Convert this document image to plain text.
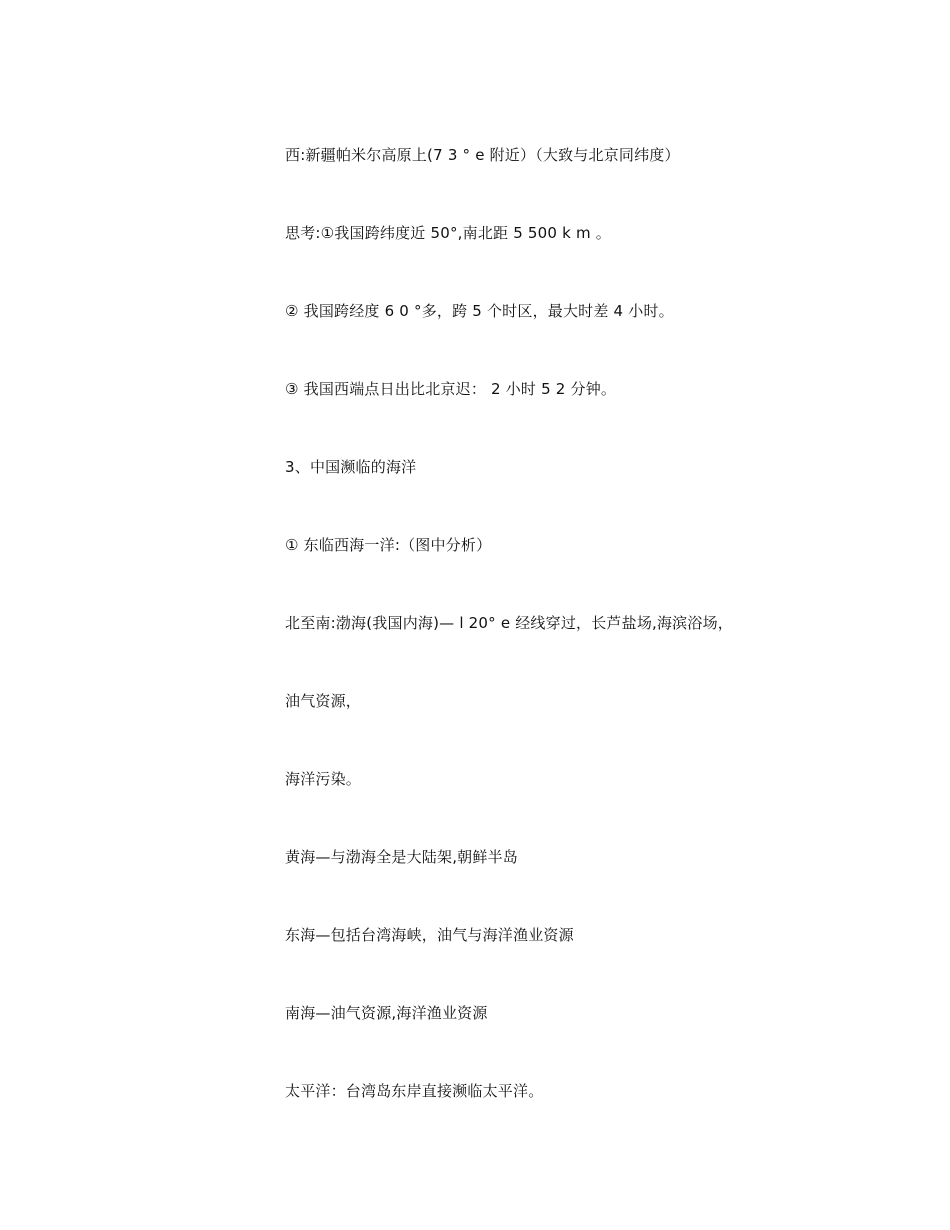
西:新疆帕米尔高原上(7 3 ° e 附近）（大致与北京同纬度）
思考:①我国跨纬度近 50°,南北距 5 500 k m 。
② 我国跨经度 6 0 °多，跨 5 个时区，最大时差 4 小时。
③ 我国西端点日出比北京迟： 2 小时 5 2 分钟。
3、中国濒临的海洋
① 东临西海一洋:（图中分析）
北至南:渤海(我国内海)— l 20° e 经线穿过，长芦盐场,海滨浴场，
油气资源，
海洋污染。
黄海—与渤海全是大陆架,朝鲜半岛
东海—包括台湾海峡，油气与海洋渔业资源
南海—油气资源,海洋渔业资源
太平洋：台湾岛东岸直接濒临太平洋。
